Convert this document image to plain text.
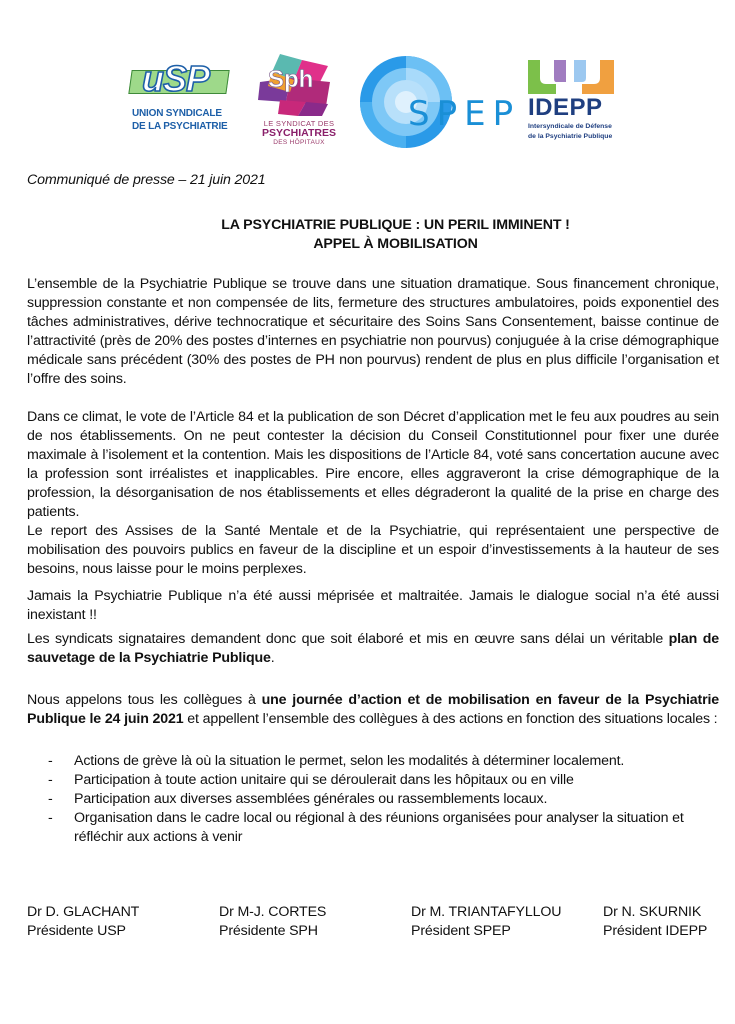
uSP
UNION SYNDICALE
DE LA PSYCHIATRIE
Sph
LE SYNDICAT DES
PSYCHIATRES
DES HÔPITAUX
SPEP IDEPP
Intersyndicale de Défense
de la Psychiatrie Publique
Communiqué de presse – 21 juin 2021
LA PSYCHIATRIE PUBLIQUE : UN PERIL IMMINENT !
APPEL À MOBILISATION
L’ensemble de la Psychiatrie Publique se trouve dans une situation dramatique. Sous financement chronique, suppression constante et non compensée de lits, fermeture des structures ambulatoires, poids exponentiel des tâches administratives, dérive technocratique et sécuritaire des Soins Sans Consentement, baisse continue de l’attractivité (près de 20% des postes d’internes en psychiatrie non pourvus) conjuguée à la crise démographique médicale sans précédent (30% des postes de PH non pourvus) rendent de plus en plus difficile l’organisation et l’offre des soins.
Dans ce climat, le vote de l’Article 84 et la publication de son Décret d’application met le feu aux poudres au sein de nos établissements. On ne peut contester la décision du Conseil Constitutionnel pour fixer une durée maximale à l’isolement et la contention. Mais les dispositions de l’Article 84, voté sans concertation aucune avec la profession sont irréalistes et inapplicables. Pire encore, elles aggraveront la crise démographique de la profession, la désorganisation de nos établissements et elles dégraderont la qualité de la prise en charge des patients.
Le report des Assises de la Santé Mentale et de la Psychiatrie, qui représentaient une perspective de mobilisation des pouvoirs publics en faveur de la discipline et un espoir d’investissements à la hauteur de ses besoins, nous laisse pour le moins perplexes.
Jamais la Psychiatrie Publique n’a été aussi méprisée et maltraitée. Jamais le dialogue social n’a été aussi inexistant !!
Les syndicats signataires demandent donc que soit élaboré et mis en œuvre sans délai un véritable plan de sauvetage de la Psychiatrie Publique.
Nous appelons tous les collègues à une journée d’action et de mobilisation en faveur de la Psychiatrie Publique le 24 juin 2021 et appellent l’ensemble des collègues à des actions en fonction des situations locales :
- Actions de grève là où la situation le permet, selon les modalités à déterminer localement.
- Participation à toute action unitaire qui se déroulerait dans les hôpitaux ou en ville
- Participation aux diverses assemblées générales ou rassemblements locaux.
- Organisation dans le cadre local ou régional à des réunions organisées pour analyser la situation et réfléchir aux actions à venir
Dr D. GLACHANT
Présidente USP
Dr M-J. CORTES
Présidente SPH
Dr M. TRIANTAFYLLOU
Président SPEP
Dr N. SKURNIK
Président IDEPP
